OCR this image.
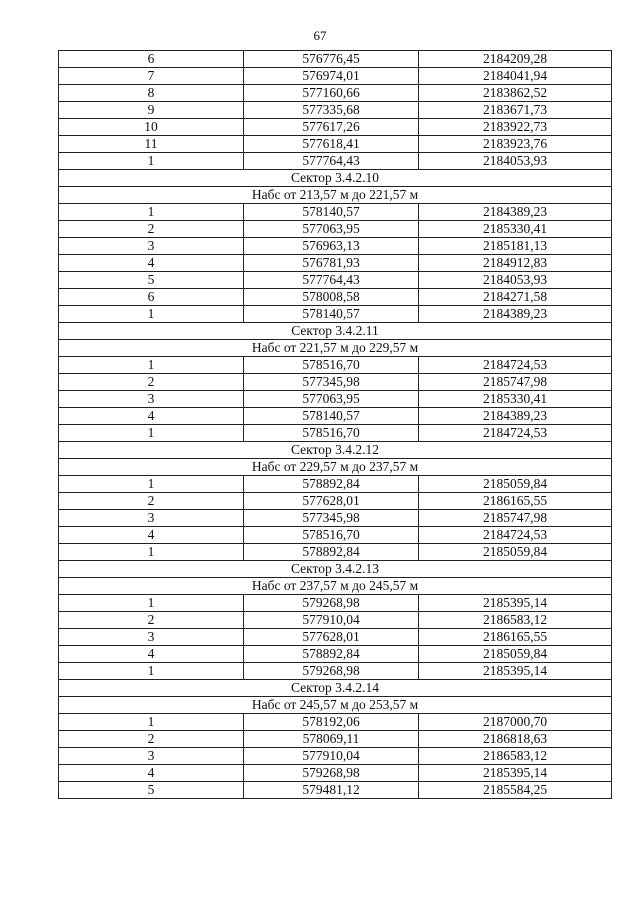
67
6	576776,45	2184209,28
7	576974,01	2184041,94
8	577160,66	2183862,52
9	577335,68	2183671,73
10	577617,26	2183922,73
11	577618,41	2183923,76
1	577764,43	2184053,93
Сектор 3.4.2.10		
Набс от 213,57 м до 221,57 м		
1	578140,57	2184389,23
2	577063,95	2185330,41
3	576963,13	2185181,13
4	576781,93	2184912,83
5	577764,43	2184053,93
6	578008,58	2184271,58
1	578140,57	2184389,23
Сектор 3.4.2.11		
Набс от 221,57 м до 229,57 м		
1	578516,70	2184724,53
2	577345,98	2185747,98
3	577063,95	2185330,41
4	578140,57	2184389,23
1	578516,70	2184724,53
Сектор 3.4.2.12		
Набс от 229,57 м до 237,57 м		
1	578892,84	2185059,84
2	577628,01	2186165,55
3	577345,98	2185747,98
4	578516,70	2184724,53
1	578892,84	2185059,84
Сектор 3.4.2.13		
Набс от 237,57 м до 245,57 м		
1	579268,98	2185395,14
2	577910,04	2186583,12
3	577628,01	2186165,55
4	578892,84	2185059,84
1	579268,98	2185395,14
Сектор 3.4.2.14		
Набс от 245,57 м до 253,57 м		
1	578192,06	2187000,70
2	578069,11	2186818,63
3	577910,04	2186583,12
4	579268,98	2185395,14
5	579481,12	2185584,25
